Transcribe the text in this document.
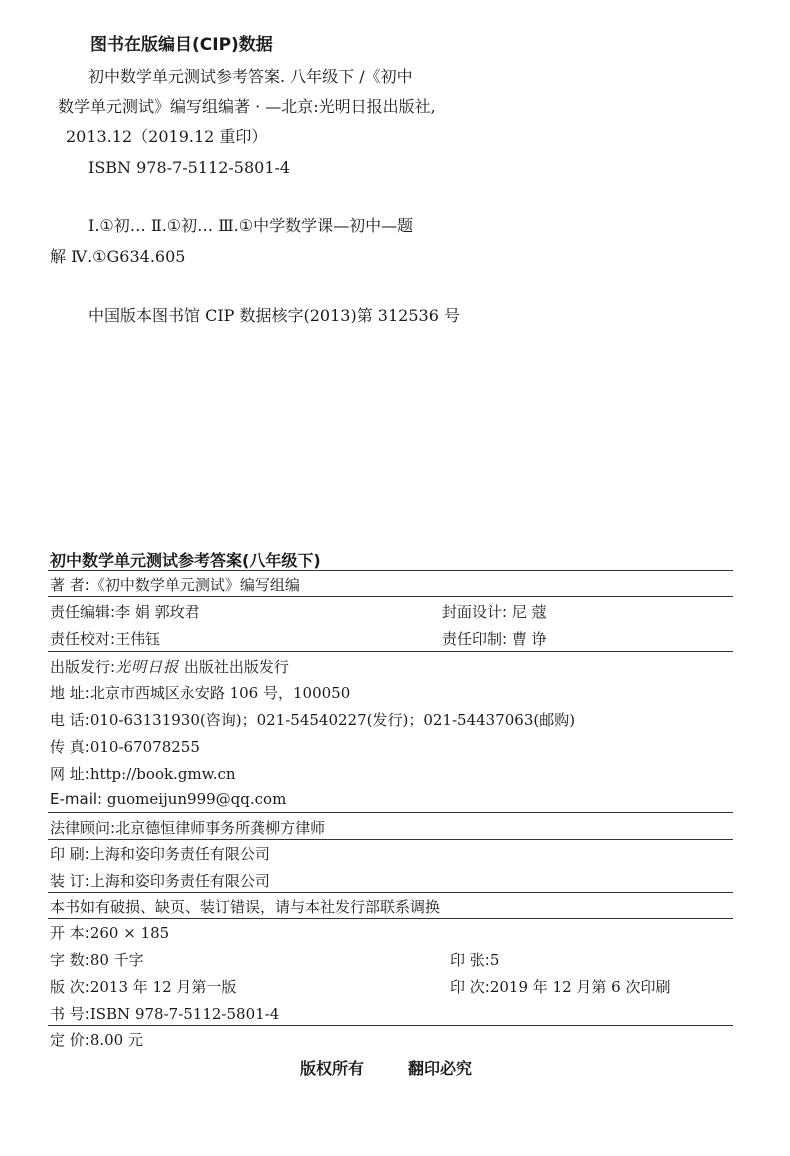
图书在版编目(CIP)数据
初中数学单元测试参考答案. 八年级下 /《初中
数学单元测试》编写组编著 · —北京:光明日报出版社,
2013.12（2019.12 重印）
ISBN 978-7-5112-5801-4
Ⅰ.①初… Ⅱ.①初… Ⅲ.①中学数学课—初中—题
解 Ⅳ.①G634.605
中国版本图书馆 CIP 数据核字(2013)第 312536 号
初中数学单元测试参考答案(八年级下)
著 者:《初中数学单元测试》编写组编
责任编辑:李 娟 郭玫君	封面设计: 尼 蔻
责任校对:王伟钰	责任印制: 曹 诤
出版发行:光明日报 出版社出版发行
地 址:北京市西城区永安路 106 号，100050
电 话:010-63131930(咨询)；021-54540227(发行)；021-54437063(邮购)
传 真:010-67078255
网 址:http://book.gmw.cn
E-mail: guomeijun999@qq.com
法律顾问:北京德恒律师事务所龚柳方律师
印 刷:上海和姿印务责任有限公司
装 订:上海和姿印务责任有限公司
本书如有破损、缺页、装订错误，请与本社发行部联系调换
开 本:260 × 185
字 数:80 千字	印 张:5
版 次:2013 年 12 月第一版	印 次:2019 年 12 月第 6 次印刷
书 号:ISBN 978-7-5112-5801-4
定 价:8.00 元
版权所有	翻印必究
